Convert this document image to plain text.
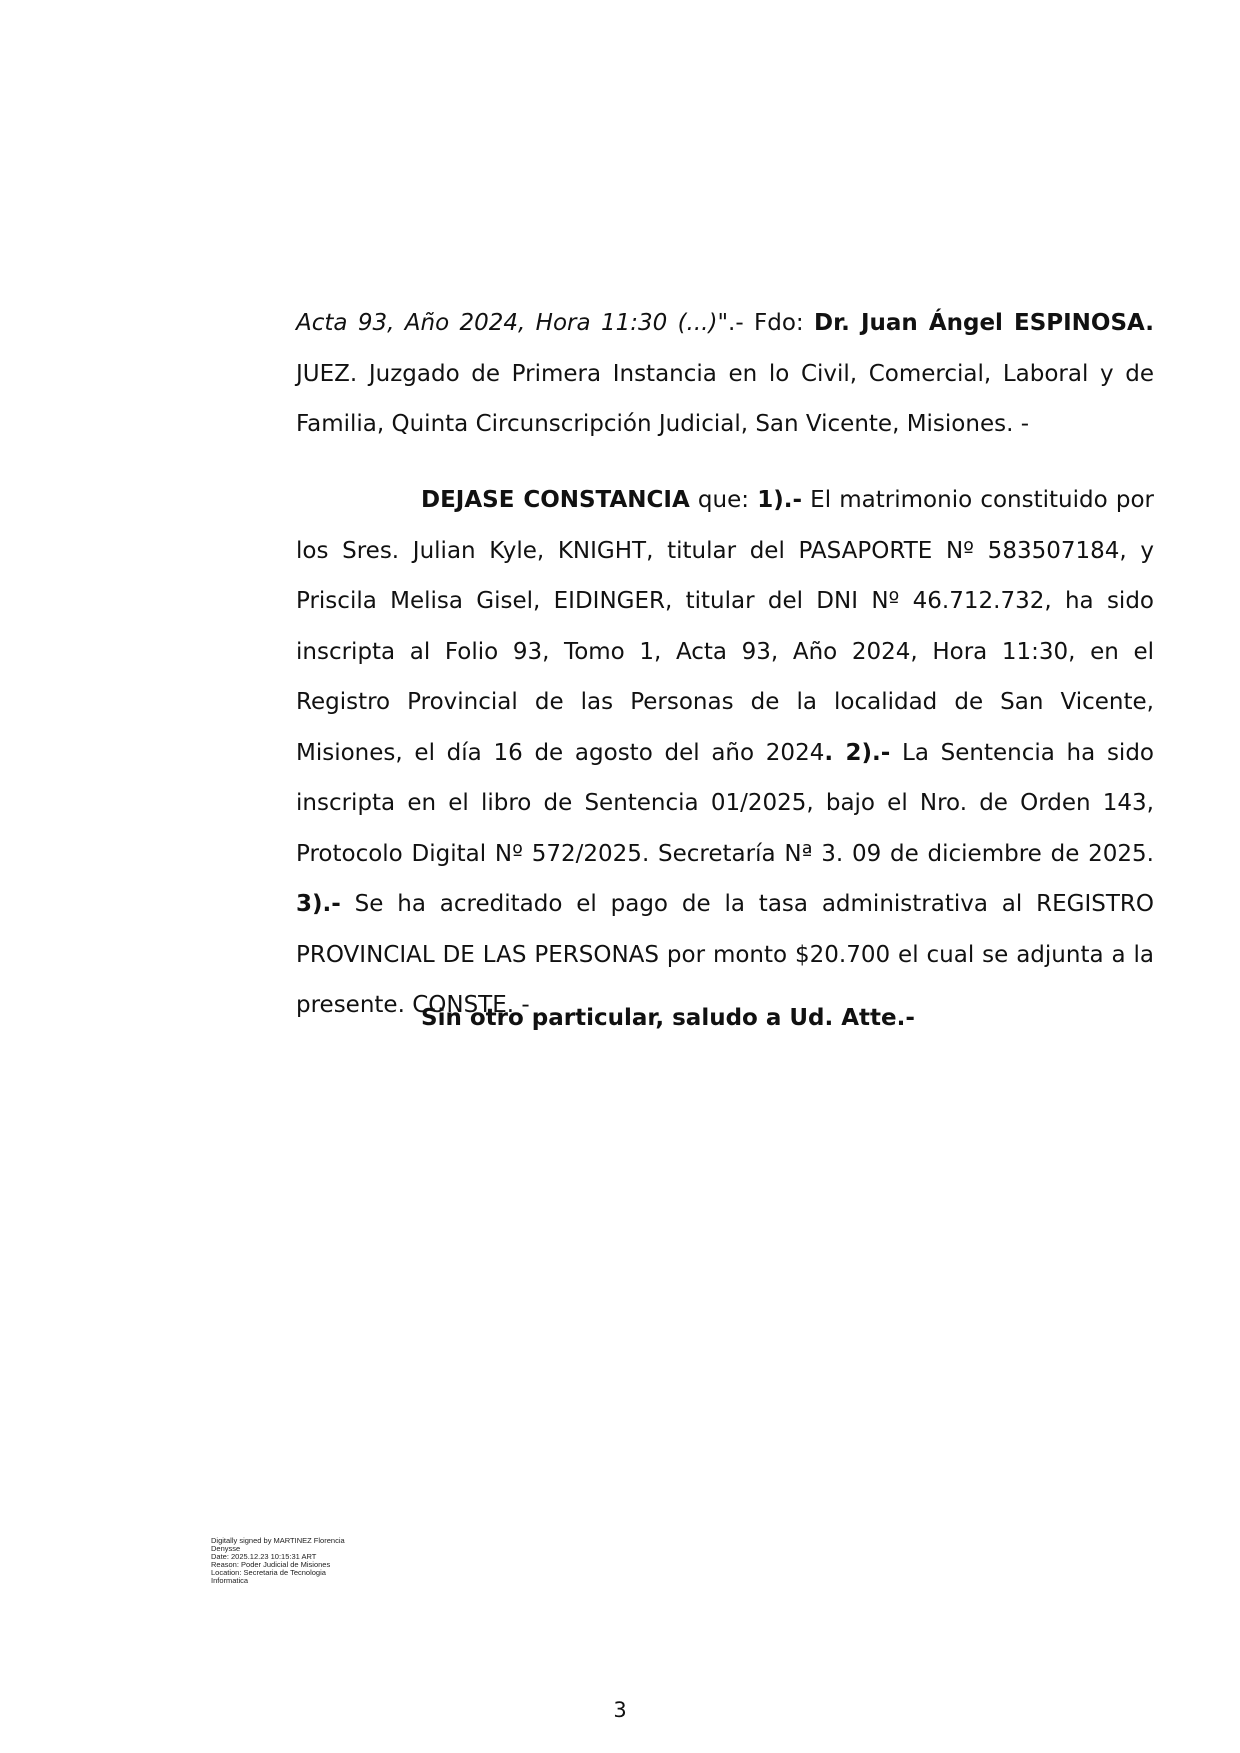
Acta 93, Año 2024, Hora 11:30 (...)".- Fdo: Dr. Juan Ángel ESPINOSA. JUEZ. Juzgado de Primera Instancia en lo Civil, Comercial, Laboral y de Familia, Quinta Circunscripción Judicial, San Vicente, Misiones. -

DEJASE CONSTANCIA que: 1).- El matrimonio constituido por los Sres. Julian Kyle, KNIGHT, titular del PASAPORTE Nº 583507184, y Priscila Melisa Gisel, EIDINGER, titular del DNI Nº 46.712.732, ha sido inscripta al Folio 93, Tomo 1, Acta 93, Año 2024, Hora 11:30, en el Registro Provincial de las Personas de la localidad de San Vicente, Misiones, el día 16 de agosto del año 2024. 2).- La Sentencia ha sido inscripta en el libro de Sentencia 01/2025, bajo el Nro. de Orden 143, Protocolo Digital Nº 572/2025. Secretaría Nª 3. 09 de diciembre de 2025. 3).- Se ha acreditado el pago de la tasa administrativa al REGISTRO PROVINCIAL DE LAS PERSONAS por monto $20.700 el cual se adjunta a la presente. CONSTE. -

Sin otro particular, saludo a Ud. Atte.-

Digitally signed by MARTINEZ Florencia
Denysse
Date: 2025.12.23 10:15:31 ART
Reason: Poder Judicial de Misiones
Location: Secretaria de Tecnologia
Informatica
3
